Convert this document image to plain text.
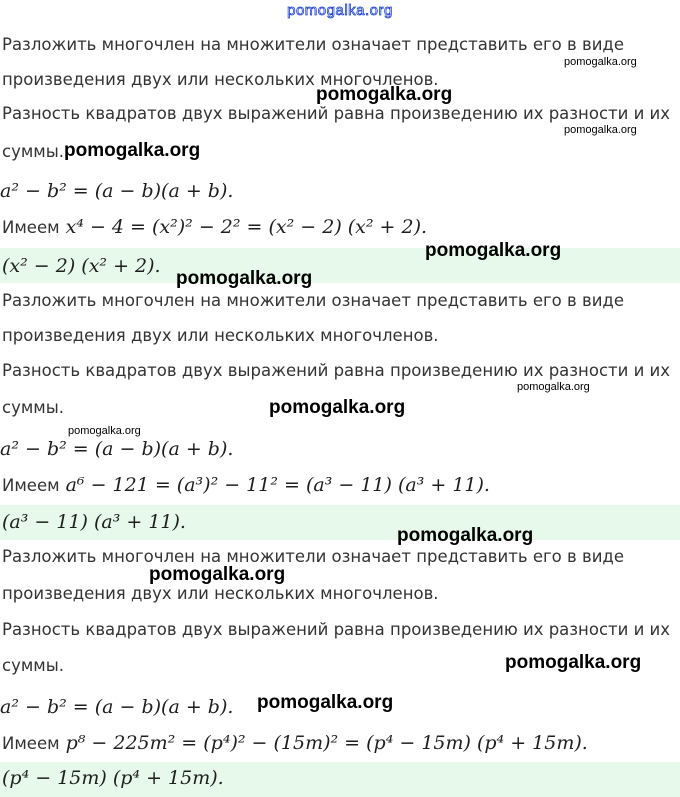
pomogalka.org
Разложить многочлен на множители означает представить его в виде
произведения двух или нескольких многочленов.
Разность квадратов двух выражений равна произведению их разности и их
суммы.
a² − b² = (a − b)(a + b).
Имеем x⁴ − 4 = (x²)² − 2² = (x² − 2) (x² + 2).
(x² − 2) (x² + 2).
Разложить многочлен на множители означает представить его в виде
произведения двух или нескольких многочленов.
Разность квадратов двух выражений равна произведению их разности и их
суммы.
a² − b² = (a − b)(a + b).
Имеем a⁶ − 121 = (a³)² − 11² = (a³ − 11) (a³ + 11).
(a³ − 11) (a³ + 11).
Разложить многочлен на множители означает представить его в виде
произведения двух или нескольких многочленов.
Разность квадратов двух выражений равна произведению их разности и их
суммы.
a² − b² = (a − b)(a + b).
Имеем p⁸ − 225m² = (p⁴)² − (15m)² = (p⁴ − 15m) (p⁴ + 15m).
(p⁴ − 15m) (p⁴ + 15m).
pomogalka.org
pomogalka.org
pomogalka.org
pomogalka.org
pomogalka.org
pomogalka.org
pomogalka.org
pomogalka.org
pomogalka.org
pomogalka.org
pomogalka.org
pomogalka.org
pomogalka.org
